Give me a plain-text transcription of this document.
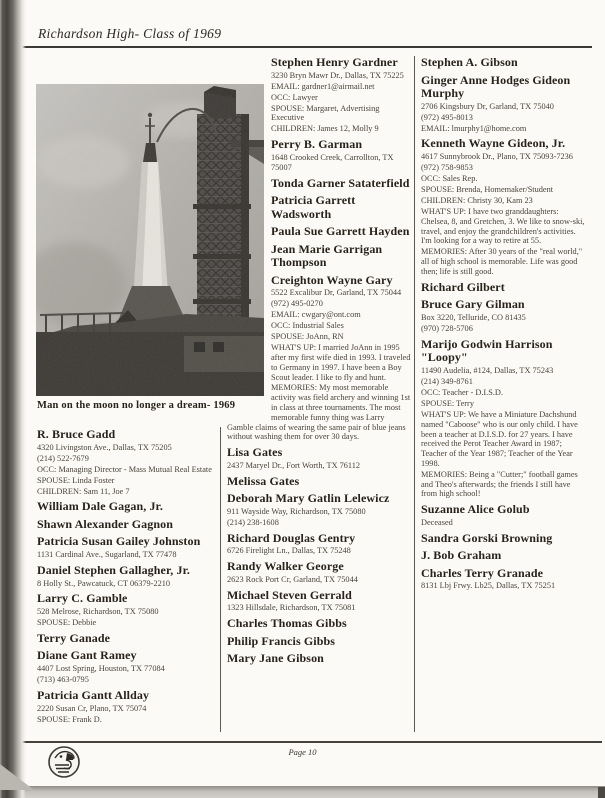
Richardson High- Class of 1969
Man on the moon no longer a dream- 1969
R. Bruce Gadd
4320 Livingston Ave., Dallas, TX 75205
(214) 522-7679
OCC: Managing Director - Mass Mutual Real Estate
SPOUSE: Linda Foster
CHILDREN: Sam 11, Joe 7
William Dale Gagan, Jr.
Shawn Alexander Gagnon
Patricia Susan Gailey Johnston
1131 Cardinal Ave., Sugarland, TX 77478
Daniel Stephen Gallagher, Jr.
8 Holly St., Pawcatuck, CT 06379-2210
Larry C. Gamble
528 Melrose, Richardson, TX 75080
SPOUSE: Debbie
Terry Ganade
Diane Gant Ramey
4407 Lost Spring, Houston, TX 77084
(713) 463-0795
Patricia Gantt Allday
2220 Susan Cr, Plano, TX 75074
SPOUSE: Frank D.
Stephen Henry Gardner
3230 Bryn Mawr Dr., Dallas, TX 75225
EMAIL: gardner1@airmail.net
OCC: Lawyer
SPOUSE: Margaret, Advertising Executive
CHILDREN: James 12, Molly 9
Perry B. Garman
1648 Crooked Creek, Carrollton, TX 75007
Tonda Garner Sataterfield
Patricia Garrett Wadsworth
Paula Sue Garrett Hayden
Jean Marie Garrigan Thompson
Creighton Wayne Gary
5522 Excalibur Dr, Garland, TX 75044
(972) 495-0270
EMAIL: cwgary@ont.com
OCC: Industrial Sales
SPOUSE: JoAnn, RN
WHAT'S UP: I married JoAnn in 1995 after my first wife died in 1993. I traveled to Germany in 1997. I have been a Boy Scout leader. I like to fly and hunt.
MEMORIES: My most memorable activity was field archery and winning 1st in class at three tournaments. The most memorable funny thing was Larry Gamble claims of wearing the same pair of blue jeans without washing them for over 30 days.
Lisa Gates
2437 Maryel Dr., Fort Worth, TX 76112
Melissa Gates
Deborah Mary Gatlin Lelewicz
911 Wayside Way, Richardson, TX 75080
(214) 238-1608
Richard Douglas Gentry
6726 Firelight Ln., Dallas, TX 75248
Randy Walker George
2623 Rock Port Cr, Garland, TX 75044
Michael Steven Gerrald
1323 Hillsdale, Richardson, TX 75081
Charles Thomas Gibbs
Philip Francis Gibbs
Mary Jane Gibson
Stephen A. Gibson
Ginger Anne Hodges Gideon Murphy
2706 Kingsbury Dr, Garland, TX 75040
(972) 495-8013
EMAIL: lmurphy1@home.com
Kenneth Wayne Gideon, Jr.
4617 Sunnybrook Dr., Plano, TX 75093-7236
(972) 758-9853
OCC: Sales Rep.
SPOUSE: Brenda, Homemaker/Student
CHILDREN: Christy 30, Kam 23
WHAT'S UP: I have two granddaughters: Chelsea, 8, and Gretchen, 3. We like to snow-ski, travel, and enjoy the grandchildren's activities. I'm looking for a way to retire at 55.
MEMORIES: After 30 years of the "real world," all of high school is memorable. Life was good then; life is still good.
Richard Gilbert
Bruce Gary Gilman
Box 3220, Telluride, CO 81435
(970) 728-5706
Marijo Godwin Harrison "Loopy"
11490 Audelia, #124, Dallas, TX 75243
(214) 349-8761
OCC: Teacher - D.I.S.D.
SPOUSE: Terry
WHAT'S UP: We have a Miniature Dachshund named "Caboose" who is our only child. I have been a teacher at D.I.S.D. for 27 years. I have received the Perot Teacher Award in 1987; Teacher of the Year 1987; Teacher of the Year 1998.
MEMORIES: Being a "Cutter;" football games and Theo's afterwards; the friends I still have from high school!
Suzanne Alice Golub
Deceased
Sandra Gorski Browning
J. Bob Graham
Charles Terry Granade
8131 Lbj Frwy. Lb25, Dallas, TX 75251
Page 10
